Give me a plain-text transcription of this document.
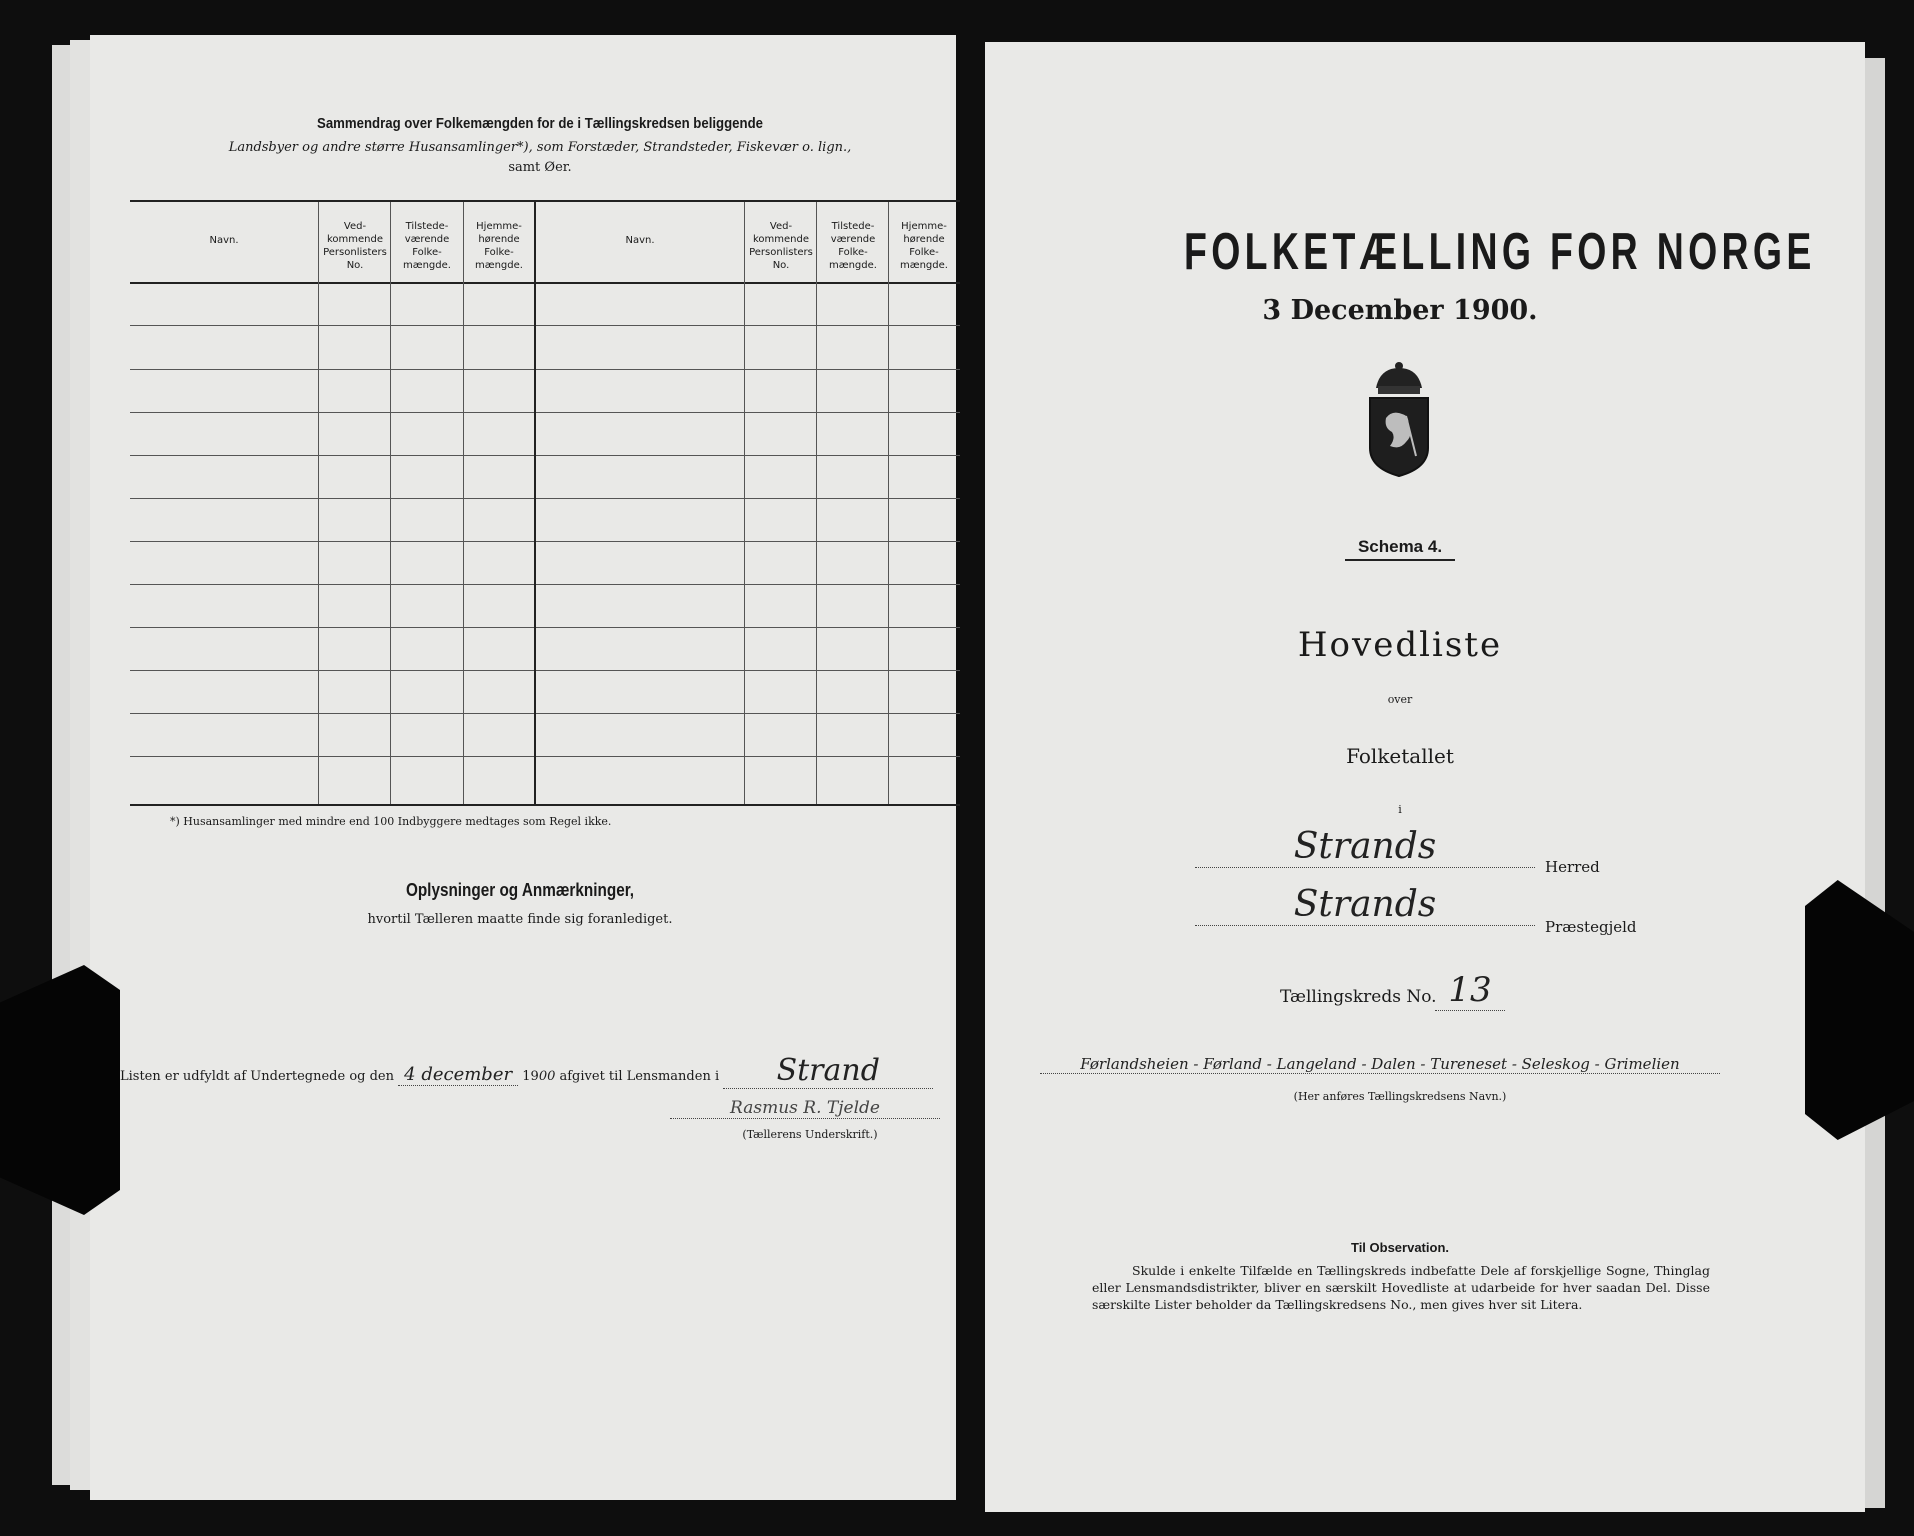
Sammendrag over Folkemængden for de i Tællingskredsen beliggende
Landsbyer og andre større Husansamlinger*), som Forstæder, Strandsteder, Fiskevær o. lign.,
samt Øer.
Navn.
Ved-kommende Personlisters No.
Tilstede-værende Folke-mængde.
Hjemme-hørende Folke-mængde.
Navn.
Ved-kommende Personlisters No.
Tilstede-værende Folke-mængde.
Hjemme-hørende Folke-mængde.
*) Husansamlinger med mindre end 100 Indbyggere medtages som Regel ikke.
Oplysninger og Anmærkninger,
hvortil Tælleren maatte finde sig foranlediget.
Listen er udfyldt af Undertegnede og den 4 december 1900 afgivet til Lensmanden i Strand
Rasmus R. Tjelde
(Tællerens Underskrift.)
FOLKETÆLLING FOR NORGE
3 December 1900.
Schema 4.
Hovedliste
over
Folketallet
i
Strands	Herred
Strands
Præstegjeld
Tællingskreds No. 13
Førlandsheien - Førland - Langeland - Dalen - Tureneset - Seleskog - Grimelien
(Her anføres Tællingskredsens Navn.)
Til Observation.
Skulde i enkelte Tilfælde en Tællingskreds indbefatte Dele af forskjellige Sogne, Thinglag eller Lensmandsdistrikter, bliver en særskilt Hovedliste at udarbeide for hver saadan Del. Disse særskilte Lister beholder da Tællingskredsens No., men gives hver sit Litera.
